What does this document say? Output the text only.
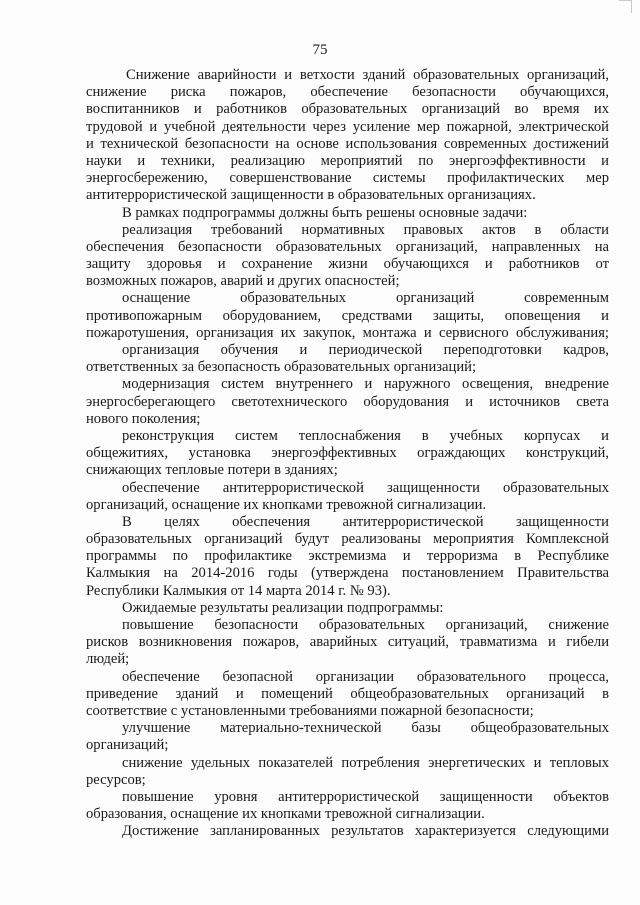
75
Снижение аварийности и ветхости зданий образовательных организаций,
снижение риска пожаров, обеспечение безопасности обучающихся,
воспитанников и работников образовательных организаций во время их
трудовой и учебной деятельности через усиление мер пожарной, электрической
и технической безопасности на основе использования современных достижений
науки и техники, реализацию мероприятий по энергоэффективности и
энергосбережению, совершенствование системы профилактических мер
антитеррористической защищенности в образовательных организациях.
В рамках подпрограммы должны быть решены основные задачи:
реализация требований нормативных правовых актов в области
обеспечения безопасности образовательных организаций, направленных на
защиту здоровья и сохранение жизни обучающихся и работников от
возможных пожаров, аварий и других опасностей;
оснащение образовательных организаций современным
противопожарным оборудованием, средствами защиты, оповещения и
пожаротушения, организация их закупок, монтажа и сервисного обслуживания;
организация обучения и периодической переподготовки кадров,
ответственных за безопасность образовательных организаций;
модернизация систем внутреннего и наружного освещения, внедрение
энергосберегающего светотехнического оборудования и источников света
нового поколения;
реконструкция систем теплоснабжения в учебных корпусах и
общежитиях, установка энергоэффективных ограждающих конструкций,
снижающих тепловые потери в зданиях;
обеспечение антитеррористической защищенности образовательных
организаций, оснащение их кнопками тревожной сигнализации.
В целях обеспечения антитеррористической защищенности
образовательных организаций будут реализованы мероприятия Комплексной
программы по профилактике экстремизма и терроризма в Республике
Калмыкия на 2014-2016 годы (утверждена постановлением Правительства
Республики Калмыкия от 14 марта 2014 г. № 93).
Ожидаемые результаты реализации подпрограммы:
повышение безопасности образовательных организаций, снижение
рисков возникновения пожаров, аварийных ситуаций, травматизма и гибели
людей;
обеспечение безопасной организации образовательного процесса,
приведение зданий и помещений общеобразовательных организаций в
соответствие с установленными требованиями пожарной безопасности;
улучшение материально-технической базы общеобразовательных
организаций;
снижение удельных показателей потребления энергетических и тепловых
ресурсов;
повышение уровня антитеррористической защищенности объектов
образования, оснащение их кнопками тревожной сигнализации.
Достижение запланированных результатов характеризуется следующими
